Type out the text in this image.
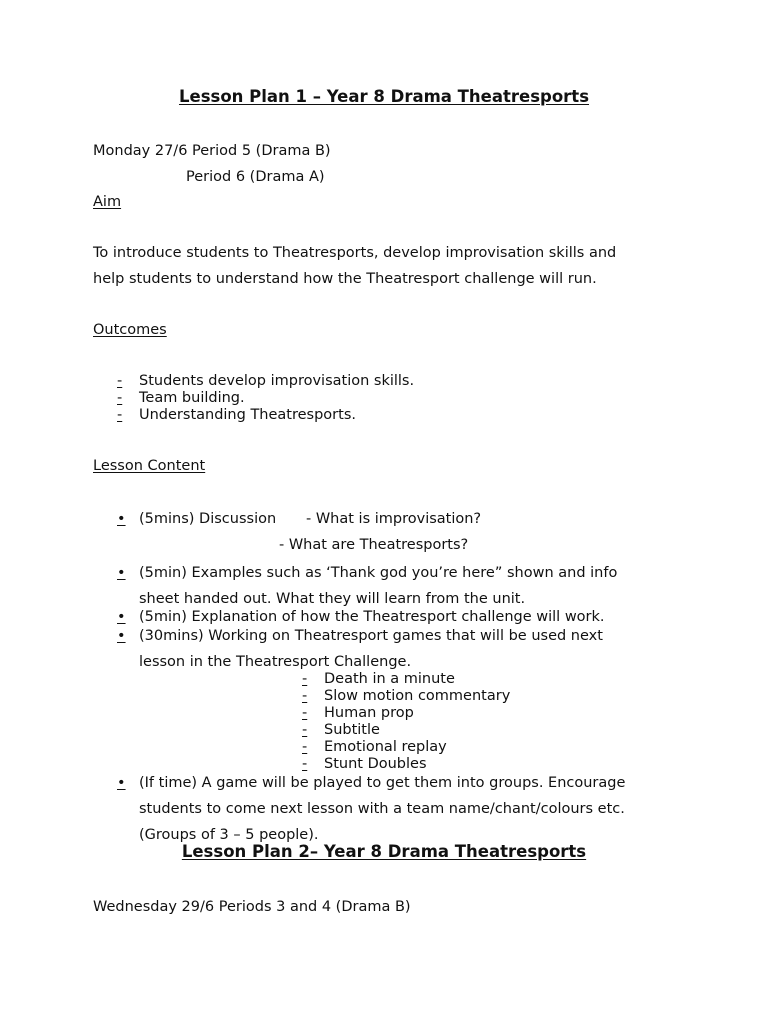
Lesson Plan 1 – Year 8 Drama Theatresports
Monday 27/6 Period 5 (Drama B)
Period 6 (Drama A)
Aim
To introduce students to Theatresports, develop improvisation skills and
help students to understand how the Theatresport challenge will run.
Outcomes
- Students develop improvisation skills.
- Team building.
- Understanding Theatresports.
Lesson Content
• (5mins) Discussion - What is improvisation?
- What are Theatresports?
• (5min) Examples such as ‘Thank god you’re here” shown and info
sheet handed out. What they will learn from the unit.
• (5min) Explanation of how the Theatresport challenge will work.
• (30mins) Working on Theatresport games that will be used next
lesson in the Theatresport Challenge.
- Death in a minute
- Slow motion commentary
- Human prop
- Subtitle
- Emotional replay
- Stunt Doubles
• (If time) A game will be played to get them into groups. Encourage
students to come next lesson with a team name/chant/colours etc.
(Groups of 3 – 5 people).
Lesson Plan 2– Year 8 Drama Theatresports
Wednesday 29/6 Periods 3 and 4 (Drama B)
